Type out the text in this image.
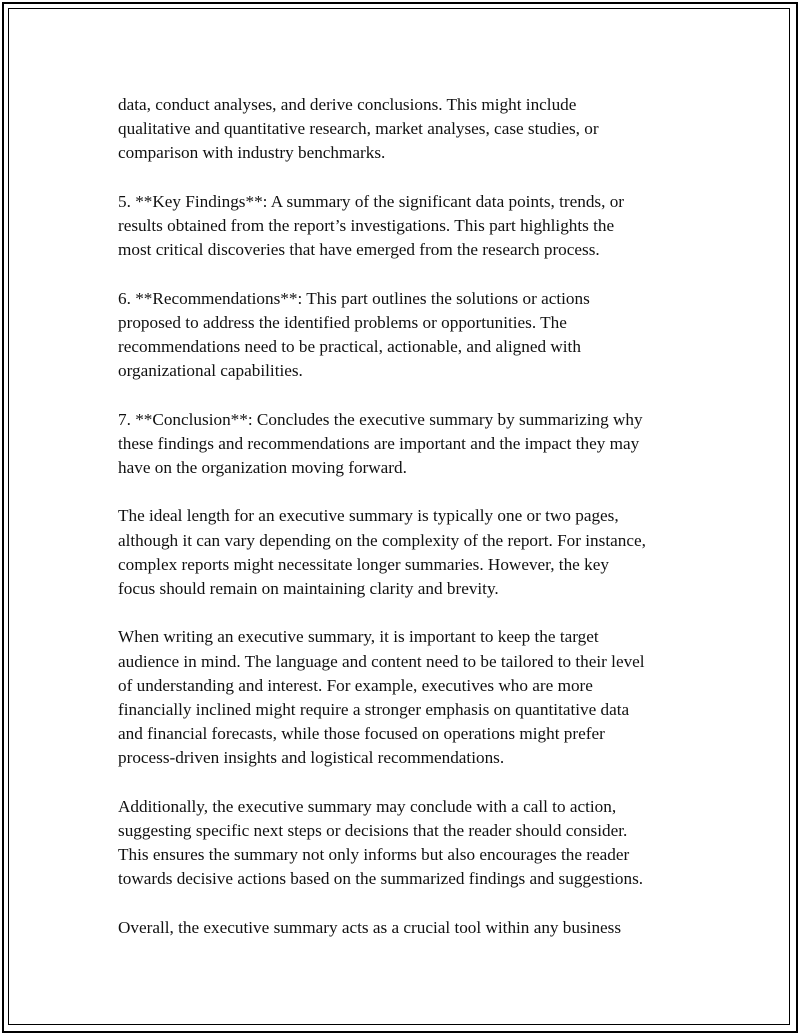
data, conduct analyses, and derive conclusions. This might include
qualitative and quantitative research, market analyses, case studies, or
comparison with industry benchmarks.

5. **Key Findings**: A summary of the significant data points, trends, or
results obtained from the report’s investigations. This part highlights the
most critical discoveries that have emerged from the research process.

6. **Recommendations**: This part outlines the solutions or actions
proposed to address the identified problems or opportunities. The
recommendations need to be practical, actionable, and aligned with
organizational capabilities.

7. **Conclusion**: Concludes the executive summary by summarizing why
these findings and recommendations are important and the impact they may
have on the organization moving forward.

The ideal length for an executive summary is typically one or two pages,
although it can vary depending on the complexity of the report. For instance,
complex reports might necessitate longer summaries. However, the key
focus should remain on maintaining clarity and brevity.

When writing an executive summary, it is important to keep the target
audience in mind. The language and content need to be tailored to their level
of understanding and interest. For example, executives who are more
financially inclined might require a stronger emphasis on quantitative data
and financial forecasts, while those focused on operations might prefer
process-driven insights and logistical recommendations.

Additionally, the executive summary may conclude with a call to action,
suggesting specific next steps or decisions that the reader should consider.
This ensures the summary not only informs but also encourages the reader
towards decisive actions based on the summarized findings and suggestions.

Overall, the executive summary acts as a crucial tool within any business
